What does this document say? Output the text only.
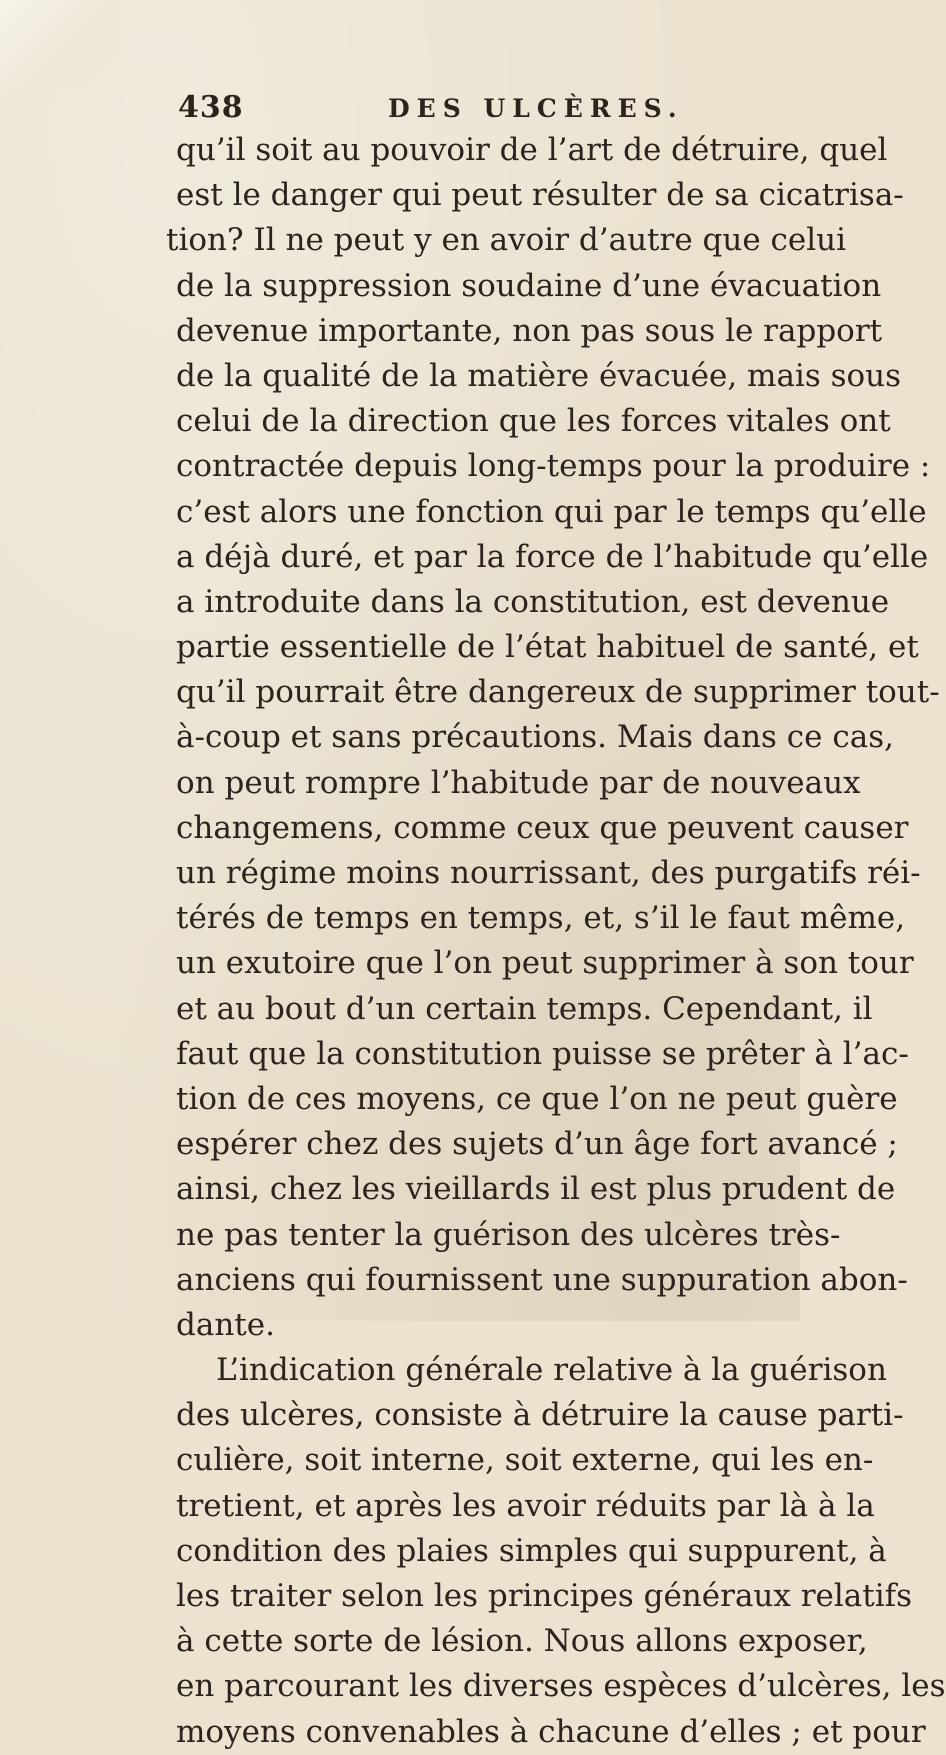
438	DES ULCÈRES.
qu’il soit au pouvoir de l’art de détruire, quel
est le danger qui peut résulter de sa cicatrisa-
tion? Il ne peut y en avoir d’autre que celui
de la suppression soudaine d’une évacuation
devenue importante, non pas sous le rapport
de la qualité de la matière évacuée, mais sous
celui de la direction que les forces vitales ont
contractée depuis long-temps pour la produire :
c’est alors une fonction qui par le temps qu’elle
a déjà duré, et par la force de l’habitude qu’elle
a introduite dans la constitution, est devenue
partie essentielle de l’état habituel de santé, et
qu’il pourrait être dangereux de supprimer tout-
à-coup et sans précautions. Mais dans ce cas,
on peut rompre l’habitude par de nouveaux
changemens, comme ceux que peuvent causer
un régime moins nourrissant, des purgatifs réi-
térés de temps en temps, et, s’il le faut même,
un exutoire que l’on peut supprimer à son tour
et au bout d’un certain temps. Cependant, il
faut que la constitution puisse se prêter à l’ac-
tion de ces moyens, ce que l’on ne peut guère
espérer chez des sujets d’un âge fort avancé ;
ainsi, chez les vieillards il est plus prudent de
ne pas tenter la guérison des ulcères très-
anciens qui fournissent une suppuration abon-
dante.
L’indication générale relative à la guérison
des ulcères, consiste à détruire la cause parti-
culière, soit interne, soit externe, qui les en-
tretient, et après les avoir réduits par là à la
condition des plaies simples qui suppurent, à
les traiter selon les principes généraux relatifs
à cette sorte de lésion. Nous allons exposer,
en parcourant les diverses espèces d’ulcères, les
moyens convenables à chacune d’elles ; et pour
